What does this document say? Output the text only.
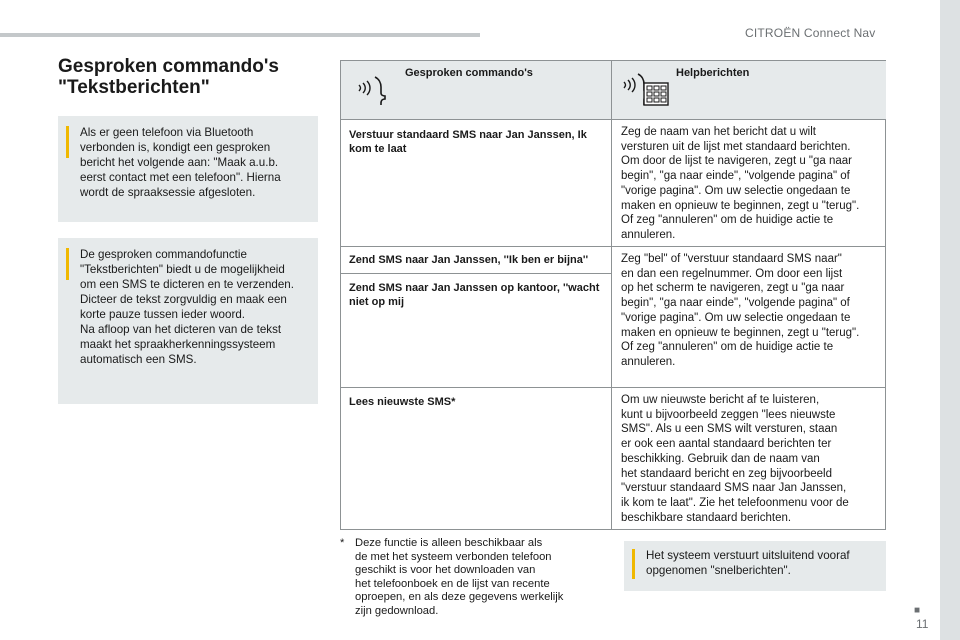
CITROËN Connect Nav
Gesproken commando's "Tekstberichten"
Als er geen telefoon via Bluetooth
verbonden is, kondigt een gesproken
bericht het volgende aan: "Maak a.u.b.
eerst contact met een telefoon". Hierna
wordt de spraaksessie afgesloten.
De gesproken commandofunctie
"Tekstberichten" biedt u de mogelijkheid
om een SMS te dicteren en te verzenden.
Dicteer de tekst zorgvuldig en maak een
korte pauze tussen ieder woord.
Na afloop van het dicteren van de tekst
maakt het spraakherkenningssysteem
automatisch een SMS.
Gesproken commando's	Helpberichten
Verstuur standaard SMS naar Jan Janssen, Ik kom te laat
Zeg de naam van het bericht dat u wilt
versturen uit de lijst met standaard berichten.
Om door de lijst te navigeren, zegt u "ga naar
begin", "ga naar einde", "volgende pagina" of
"vorige pagina". Om uw selectie ongedaan te
maken en opnieuw te beginnen, zegt u "terug".
Of zeg "annuleren" om de huidige actie te
annuleren.
Zend SMS naar Jan Janssen, ''Ik ben er bijna''
Zend SMS naar Jan Janssen op kantoor, ''wacht niet op mij
Zeg "bel" of "verstuur standaard SMS naar"
en dan een regelnummer. Om door een lijst
op het scherm te navigeren, zegt u "ga naar
begin", "ga naar einde", "volgende pagina" of
"vorige pagina". Om uw selectie ongedaan te
maken en opnieuw te beginnen, zegt u "terug".
Of zeg "annuleren" om de huidige actie te
annuleren.
Lees nieuwste SMS*	Om uw nieuwste bericht af te luisteren,
kunt u bijvoorbeeld zeggen "lees nieuwste
SMS". Als u een SMS wilt versturen, staan
er ook een aantal standaard berichten ter
beschikking. Gebruik dan de naam van
het standaard bericht en zeg bijvoorbeeld
"verstuur standaard SMS naar Jan Janssen,
ik kom te laat". Zie het telefoonmenu voor de
beschikbare standaard berichten.
* Deze functie is alleen beschikbaar als
de met het systeem verbonden telefoon
geschikt is voor het downloaden van
het telefoonboek en de lijst van recente
oproepen, en als deze gegevens werkelijk
zijn gedownload.
Het systeem verstuurt uitsluitend vooraf
opgenomen "snelberichten".
■
11
